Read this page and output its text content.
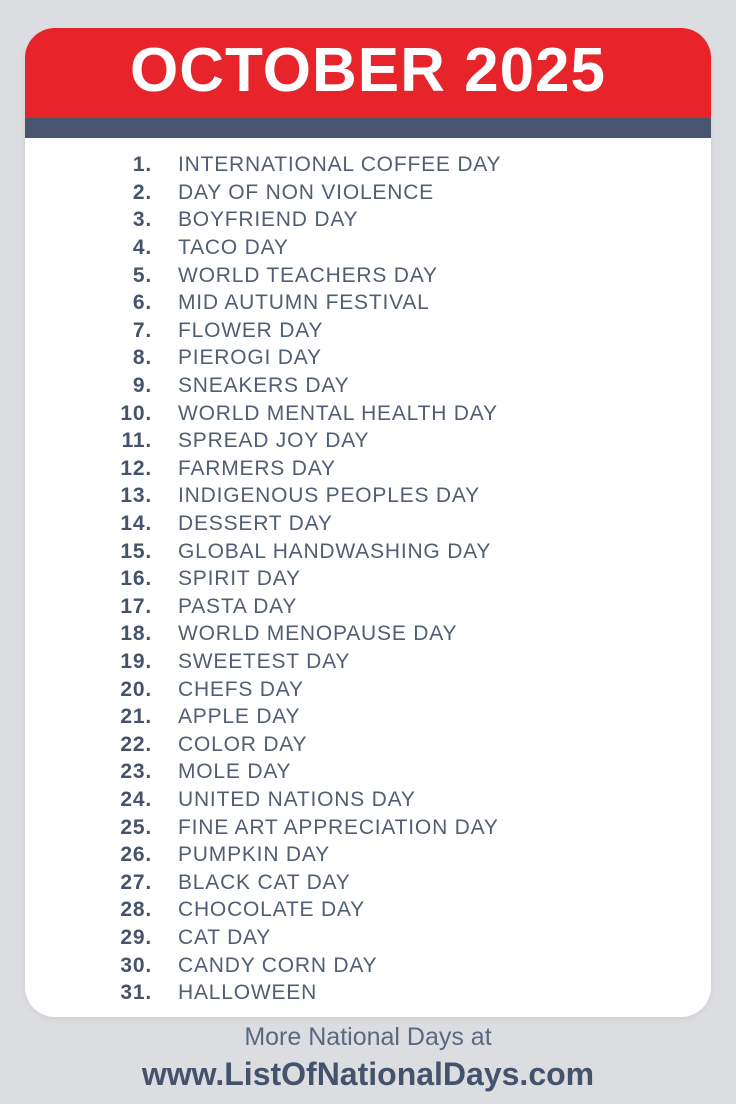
OCTOBER 2025
1. INTERNATIONAL COFFEE DAY
2. DAY OF NON VIOLENCE
3. BOYFRIEND DAY
4. TACO DAY
5. WORLD TEACHERS DAY
6. MID AUTUMN FESTIVAL
7. FLOWER DAY
8. PIEROGI DAY
9. SNEAKERS DAY
10. WORLD MENTAL HEALTH DAY
11. SPREAD JOY DAY
12. FARMERS DAY
13. INDIGENOUS PEOPLES DAY
14. DESSERT DAY
15. GLOBAL HANDWASHING DAY
16. SPIRIT DAY
17. PASTA DAY
18. WORLD MENOPAUSE DAY
19. SWEETEST DAY
20. CHEFS DAY
21. APPLE DAY
22. COLOR DAY
23. MOLE DAY
24. UNITED NATIONS DAY
25. FINE ART APPRECIATION DAY
26. PUMPKIN DAY
27. BLACK CAT DAY
28. CHOCOLATE DAY
29. CAT DAY
30. CANDY CORN DAY
31. HALLOWEEN
More National Days at
www.ListOfNationalDays.com
